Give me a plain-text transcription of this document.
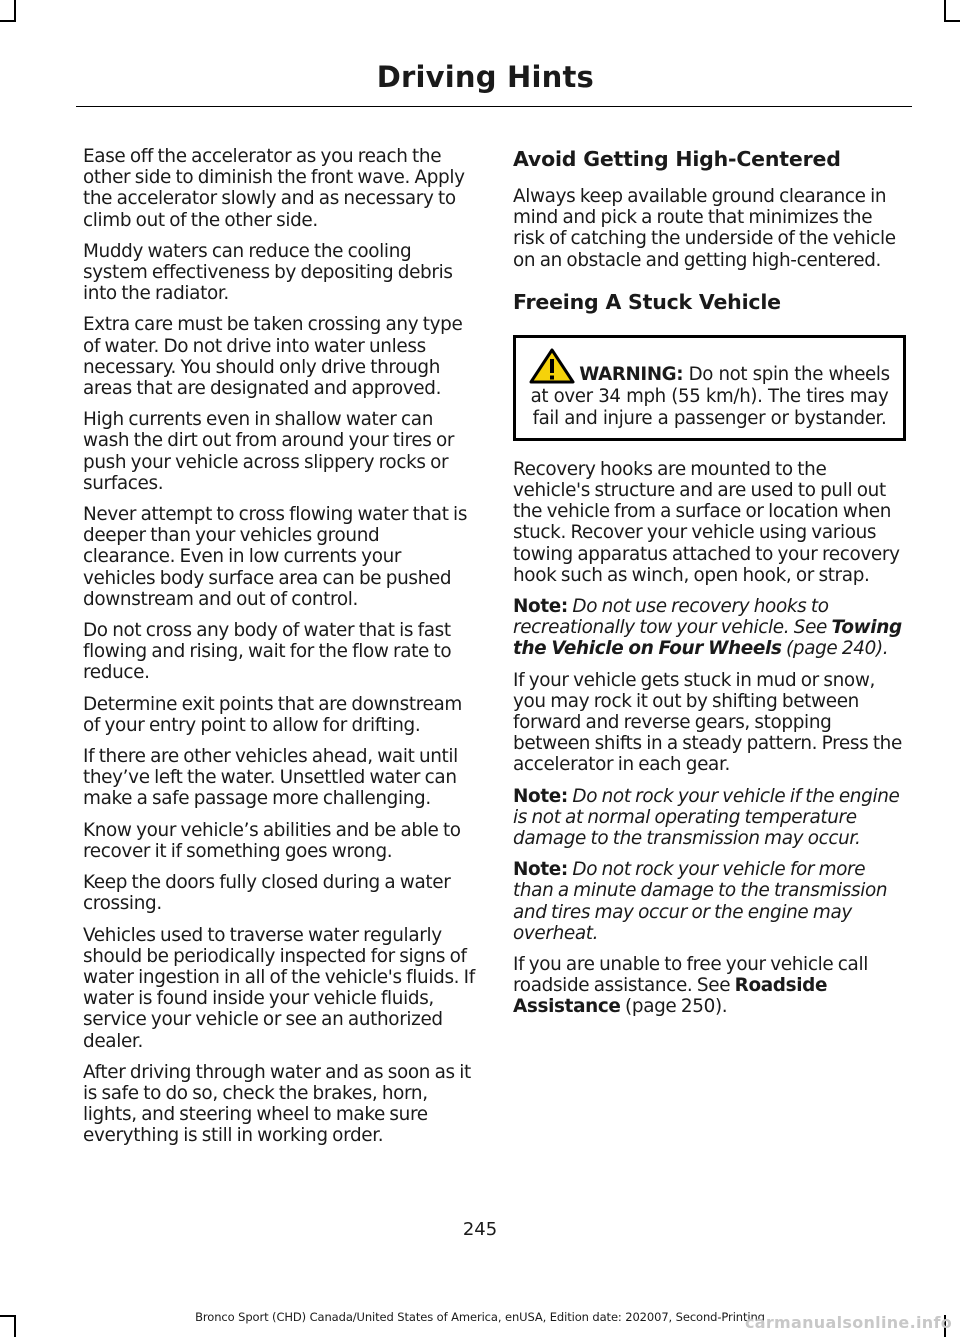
Driving Hints

Ease off the accelerator as you reach the other side to diminish the front wave. Apply the accelerator slowly and as necessary to climb out of the other side.

Muddy waters can reduce the cooling system effectiveness by depositing debris into the radiator.

Extra care must be taken crossing any type of water. Do not drive into water unless necessary. You should only drive through areas that are designated and approved.

High currents even in shallow water can wash the dirt out from around your tires or push your vehicle across slippery rocks or surfaces.

Never attempt to cross flowing water that is deeper than your vehicles ground clearance. Even in low currents your vehicles body surface area can be pushed downstream and out of control.

Do not cross any body of water that is fast flowing and rising, wait for the flow rate to reduce.

Determine exit points that are downstream of your entry point to allow for drifting.

If there are other vehicles ahead, wait until they’ve left the water. Unsettled water can make a safe passage more challenging.

Know your vehicle’s abilities and be able to recover it if something goes wrong.

Keep the doors fully closed during a water crossing.

Vehicles used to traverse water regularly should be periodically inspected for signs of water ingestion in all of the vehicle's fluids. If water is found inside your vehicle fluids, service your vehicle or see an authorized dealer.

After driving through water and as soon as it is safe to do so, check the brakes, horn, lights, and steering wheel to make sure everything is still in working order.

Avoid Getting High-Centered

Always keep available ground clearance in mind and pick a route that minimizes the risk of catching the underside of the vehicle on an obstacle and getting high-centered.

Freeing A Stuck Vehicle
WARNING: Do not spin the wheels at over 34 mph (55 km/h). The tires may fail and injure a passenger or bystander.

Recovery hooks are mounted to the vehicle's structure and are used to pull out the vehicle from a surface or location when stuck. Recover your vehicle using various towing apparatus attached to your recovery hook such as winch, open hook, or strap.

Note: Do not use recovery hooks to recreationally tow your vehicle. See Towing the Vehicle on Four Wheels (page 240).

If your vehicle gets stuck in mud or snow, you may rock it out by shifting between forward and reverse gears, stopping between shifts in a steady pattern. Press the accelerator in each gear.

Note: Do not rock your vehicle if the engine is not at normal operating temperature damage to the transmission may occur.

Note: Do not rock your vehicle for more than a minute damage to the transmission and tires may occur or the engine may overheat.

If you are unable to free your vehicle call roadside assistance. See Roadside Assistance (page 250).

245
Bronco Sport (CHD) Canada/United States of America, enUSA, Edition date: 202007, Second-Printing
carmanualsonline.info
